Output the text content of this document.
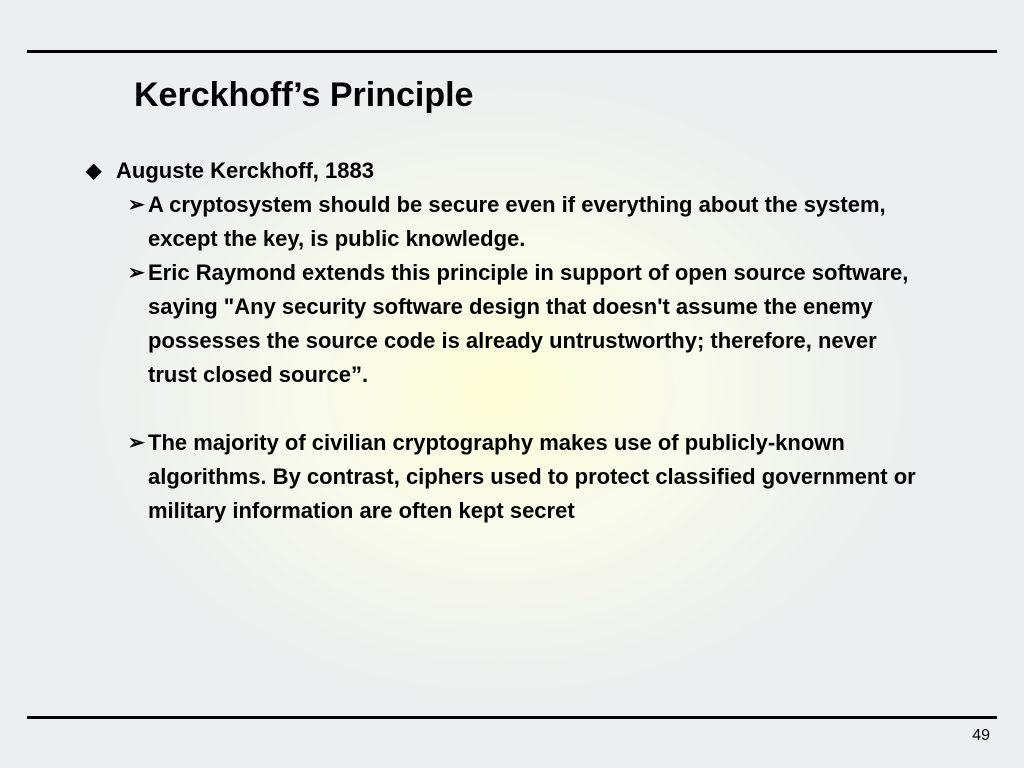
Kerckhoff’s Principle
◆ Auguste Kerckhoff, 1883
➢ A cryptosystem should be secure even if everything about the system, except the key, is public knowledge.
➢ Eric Raymond extends this principle in support of open source software, saying "Any security software design that doesn't assume the enemy possesses the source code is already untrustworthy; therefore, never trust closed source”.
➢ The majority of civilian cryptography makes use of publicly-known algorithms. By contrast, ciphers used to protect classified government or military information are often kept secret
49
